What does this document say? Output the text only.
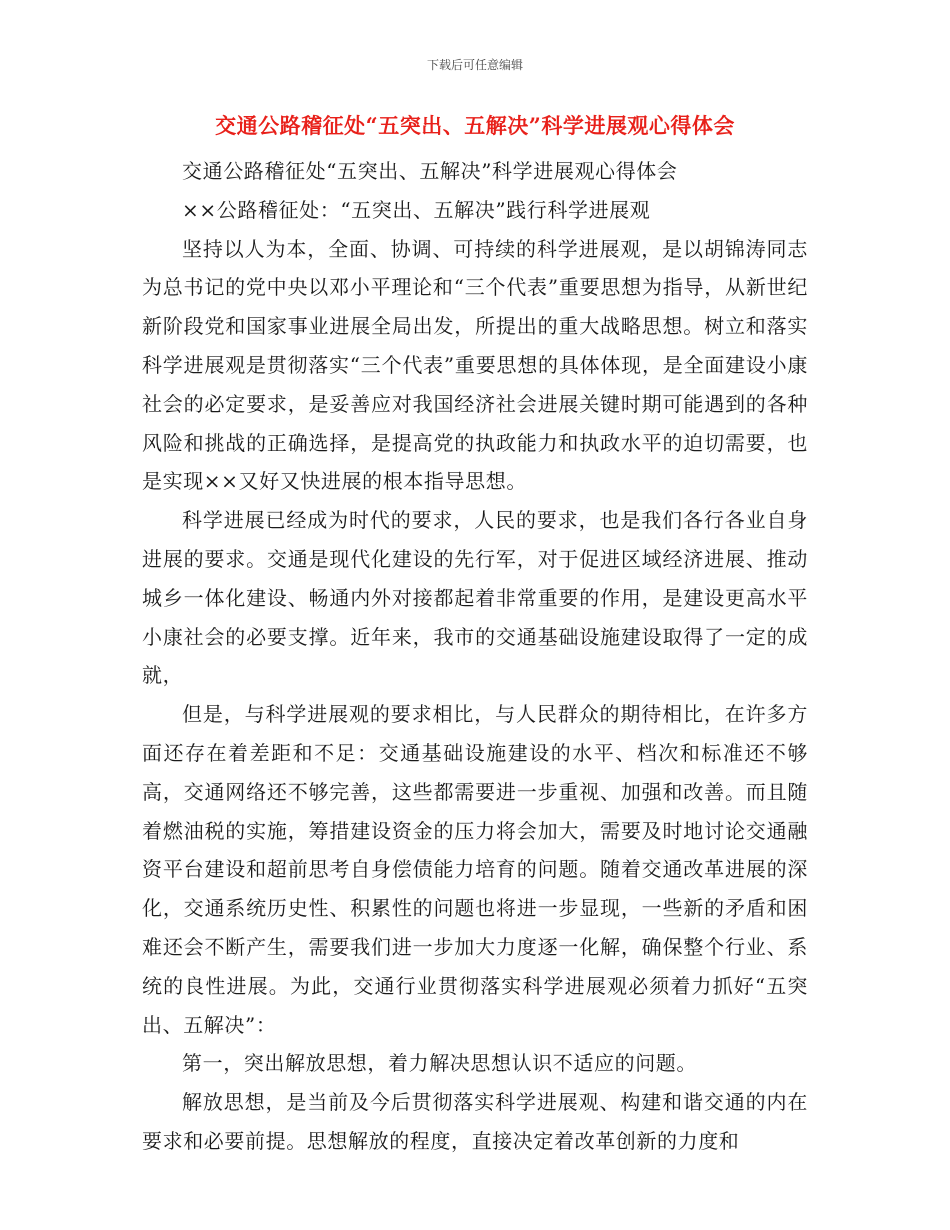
下载后可任意编辑
交通公路稽征处“五突出、五解决”科学进展观心得体会

交通公路稽征处“五突出、五解决”科学进展观心得体会

××公路稽征处：“五突出、五解决”践行科学进展观

坚持以人为本，全面、协调、可持续的科学进展观，是以胡锦涛同志为总书记的党中央以邓小平理论和“三个代表”重要思想为指导，从新世纪新阶段党和国家事业进展全局出发，所提出的重大战略思想。树立和落实科学进展观是贯彻落实“三个代表”重要思想的具体体现，是全面建设小康社会的必定要求，是妥善应对我国经济社会进展关键时期可能遇到的各种风险和挑战的正确选择，是提高党的执政能力和执政水平的迫切需要，也是实现××又好又快进展的根本指导思想。

科学进展已经成为时代的要求，人民的要求，也是我们各行各业自身进展的要求。交通是现代化建设的先行军，对于促进区域经济进展、推动城乡一体化建设、畅通内外对接都起着非常重要的作用，是建设更高水平小康社会的必要支撑。近年来，我市的交通基础设施建设取得了一定的成就，

但是，与科学进展观的要求相比，与人民群众的期待相比，在许多方面还存在着差距和不足：交通基础设施建设的水平、档次和标准还不够高，交通网络还不够完善，这些都需要进一步重视、加强和改善。而且随着燃油税的实施，筹措建设资金的压力将会加大，需要及时地讨论交通融资平台建设和超前思考自身偿债能力培育的问题。随着交通改革进展的深化，交通系统历史性、积累性的问题也将进一步显现，一些新的矛盾和困难还会不断产生，需要我们进一步加大力度逐一化解，确保整个行业、系统的良性进展。为此，交通行业贯彻落实科学进展观必须着力抓好“五突出、五解决”：

第一，突出解放思想，着力解决思想认识不适应的问题。

解放思想，是当前及今后贯彻落实科学进展观、构建和谐交通的内在要求和必要前提。思想解放的程度，直接决定着改革创新的力度和
